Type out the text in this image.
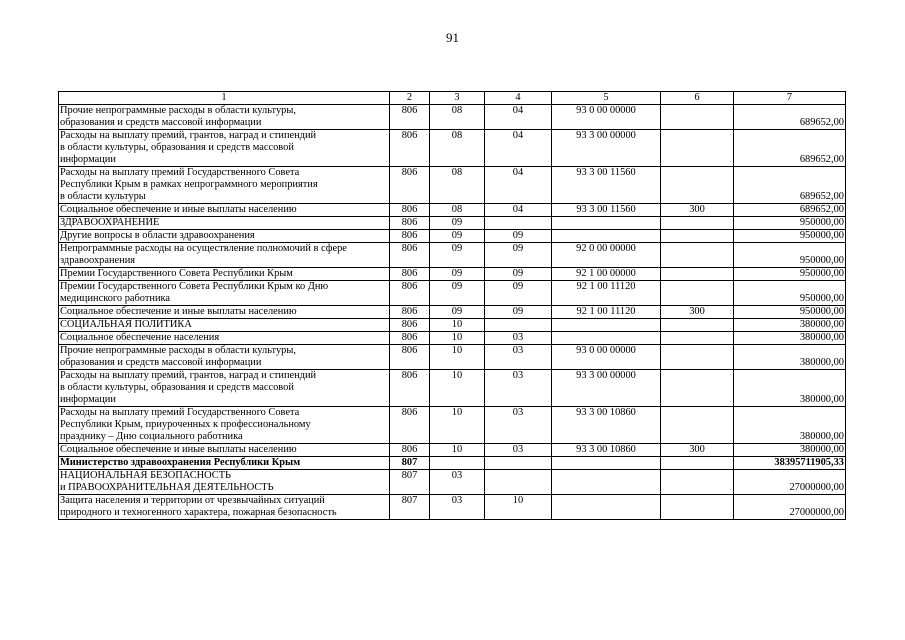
91
1	2	3	4	5	6	7

Прочие непрограммные расходы в области культуры,
образования и средств массовой информации	806	08	04	93 0 00 00000		689652,00

Расходы на выплату премий, грантов, наград и стипендий
в области культуры, образования и средств массовой
информации	806	08	04	93 3 00 00000		689652,00

Расходы на выплату премий Государственного Совета
Республики Крым в рамках непрограммного мероприятия
в области культуры	806	08	04	93 3 00 11560		689652,00

Социальное обеспечение и иные выплаты населению	806	08	04	93 3 00 11560	300	689652,00

ЗДРАВООХРАНЕНИЕ	806	09				950000,00

Другие вопросы в области здравоохранения	806	09	09			950000,00

Непрограммные расходы на осуществление полномочий в сфере
здравоохранения	806	09	09	92 0 00 00000		950000,00

Премии Государственного Совета Республики Крым	806	09	09	92 1 00 00000		950000,00

Премии Государственного Совета Республики Крым ко Дню
медицинского работника	806	09	09	92 1 00 11120		950000,00

Социальное обеспечение и иные выплаты населению	806	09	09	92 1 00 11120	300	950000,00

СОЦИАЛЬНАЯ ПОЛИТИКА	806	10				380000,00

Социальное обеспечение населения	806	10	03			380000,00

Прочие непрограммные расходы в области культуры,
образования и средств массовой информации	806	10	03	93 0 00 00000		380000,00

Расходы на выплату премий, грантов, наград и стипендий
в области культуры, образования и средств массовой
информации	806	10	03	93 3 00 00000		380000,00

Расходы на выплату премий Государственного Совета
Республики Крым, приуроченных к профессиональному
празднику – Дню социального работника	806	10	03	93 3 00 10860		380000,00

Социальное обеспечение и иные выплаты населению	806	10	03	93 3 00 10860	300	380000,00

Министерство здравоохранения Республики Крым	807					38395711905,33

НАЦИОНАЛЬНАЯ БЕЗОПАСНОСТЬ
и ПРАВООХРАНИТЕЛЬНАЯ ДЕЯТЕЛЬНОСТЬ	807	03				27000000,00

Защита населения и территории от чрезвычайных ситуаций
природного и техногенного характера, пожарная безопасность	807	03	10			27000000,00
